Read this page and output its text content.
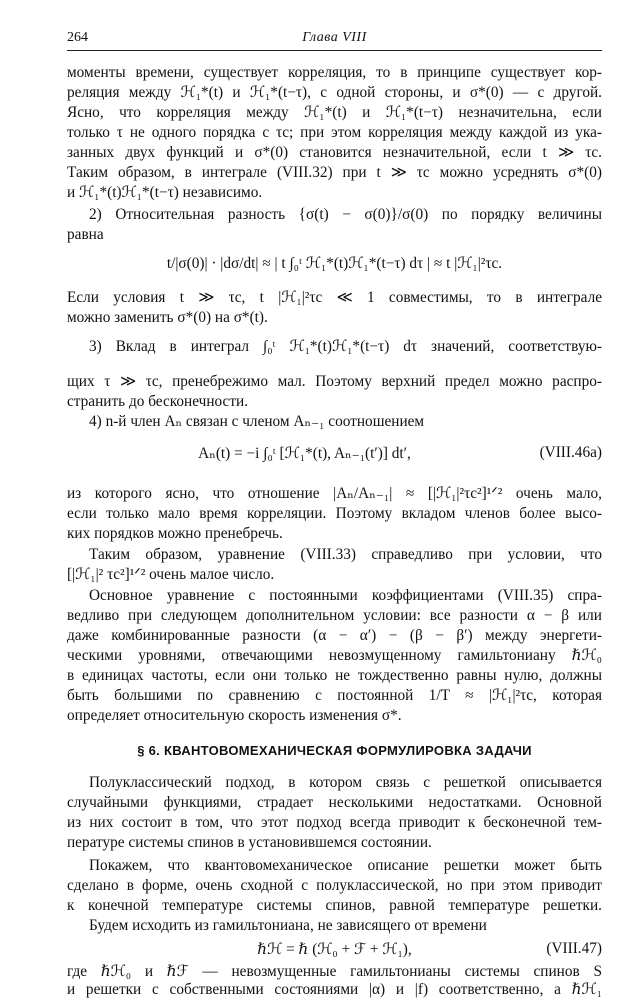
264	Глава VIII
моменты времени, существует корреляция, то в принципе существует кор-
реляция между ℋ₁*(t) и ℋ₁*(t−τ), с одной стороны, и σ*(0) — с другой.
Ясно, что корреляция между ℋ₁*(t) и ℋ₁*(t−τ) незначительна, если
только τ не одного порядка с τc; при этом корреляция между каждой из ука-
занных двух функций и σ*(0) становится незначительной, если t ≫ τc.
Таким образом, в интеграле (VIII.32) при t ≫ τc можно усреднять σ*(0)
и ℋ₁*(t)ℋ₁*(t−τ) независимо.
2) Относительная разность {σ(t) − σ(0)}/σ(0) по порядку величины
равна
t/|σ(0)| · |dσ/dt| ≈ | t ∫₀ᵗ ℋ₁*(t)ℋ₁*(t−τ) dτ | ≈ t |ℋ₁|²τc.
Если условия t ≫ τc, t |ℋ₁|²τc ≪ 1 совместимы, то в интеграле
можно заменить σ*(0) на σ*(t).
3) Вклад в интеграл ∫₀ᵗ ℋ₁*(t)ℋ₁*(t−τ) dτ значений, соответствую-
щих τ ≫ τc, пренебрежимо мал. Поэтому верхний предел можно распро-
странить до бесконечности.
4) n-й член Aₙ связан с членом Aₙ₋₁ соотношением
Aₙ(t) = −i ∫₀ᵗ [ℋ₁*(t), Aₙ₋₁(t′)] dt′,	(VIII.46a)
из которого ясно, что отношение |Aₙ/Aₙ₋₁| ≈ [|ℋ₁|²τc²]¹ᐟ² очень мало,
если только мало время корреляции. Поэтому вкладом членов более высо-
ких порядков можно пренебречь.
Таким образом, уравнение (VIII.33) справедливо при условии, что
[|ℋ₁|² τc²]¹ᐟ² очень малое число.
Основное уравнение с постоянными коэффициентами (VIII.35) спра-
ведливо при следующем дополнительном условии: все разности α − β или
даже комбинированные разности (α − α′) − (β − β′) между энергети-
ческими уровнями, отвечающими невозмущенному гамильтониану ℏℋ₀
в единицах частоты, если они только не тождественно равны нулю, должны
быть большими по сравнению с постоянной 1/T ≈ |ℋ₁|²τc, которая
определяет относительную скорость изменения σ*.
§ 6. КВАНТОВОМЕХАНИЧЕСКАЯ ФОРМУЛИРОВКА ЗАДАЧИ
Полуклассический подход, в котором связь с решеткой описывается
случайными функциями, страдает несколькими недостатками. Основной
из них состоит в том, что этот подход всегда приводит к бесконечной тем-
пературе системы спинов в установившемся состоянии.
Покажем, что квантовомеханическое описание решетки может быть
сделано в форме, очень сходной с полуклассической, но при этом приводит
к конечной температуре системы спинов, равной температуре решетки.
Будем исходить из гамильтониана, не зависящего от времени
ℏℋ = ℏ (ℋ₀ + ℱ + ℋ₁),	(VIII.47)
где ℏℋ₀ и ℏℱ — невозмущенные гамильтонианы системы спинов S
и решетки с собственными состояниями |α) и |f) соответственно, а ℏℋ₁
